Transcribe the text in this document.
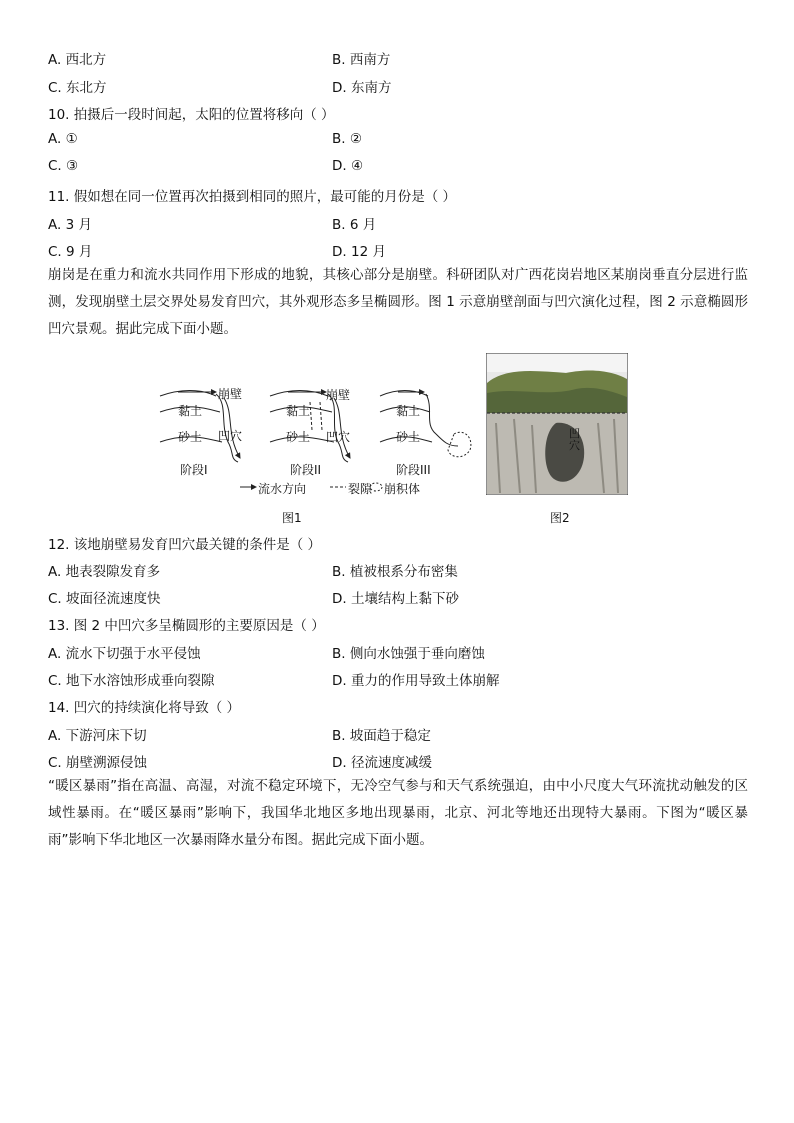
A. 西北方	B. 西南方
C. 东北方	D. 东南方
10. 拍摄后一段时间起，太阳的位置将移向（ ）
A. ①	B. ②
C. ③	D. ④
11. 假如想在同一位置再次拍摄到相同的照片，最可能的月份是（ ）
A. 3 月	B. 6 月
C. 9 月	D. 12 月
崩岗是在重力和流水共同作用下形成的地貌，其核心部分是崩壁。科研团队对广西花岗岩地区某崩岗垂直分层进行监测，发现崩壁土层交界处易发育凹穴，其外观形态多呈椭圆形。图 1 示意崩壁剖面与凹穴演化过程，图 2 示意椭圆形凹穴景观。据此完成下面小题。
崩壁	崩壁
黏土	黏土	黏土
砂土	砂土	砂土
凹穴	凹穴
阶段I	阶段II	阶段III
流水方向	裂隙 崩积体
凹穴
图1	图2
12. 该地崩壁易发育凹穴最关键的条件是（ ）
A. 地表裂隙发育多	B. 植被根系分布密集
C. 坡面径流速度快	D. 土壤结构上黏下砂
13. 图 2 中凹穴多呈椭圆形的主要原因是（ ）
A. 流水下切强于水平侵蚀	B. 侧向水蚀强于垂向磨蚀
C. 地下水溶蚀形成垂向裂隙	D. 重力的作用导致土体崩解
14. 凹穴的持续演化将导致（ ）
A. 下游河床下切	B. 坡面趋于稳定
C. 崩壁溯源侵蚀	D. 径流速度减缓
“暖区暴雨”指在高温、高湿，对流不稳定环境下，无冷空气参与和天气系统强迫，由中小尺度大气环流扰动触发的区域性暴雨。在“暖区暴雨”影响下，我国华北地区多地出现暴雨，北京、河北等地还出现特大暴雨。下图为“暖区暴雨”影响下华北地区一次暴雨降水量分布图。据此完成下面小题。
